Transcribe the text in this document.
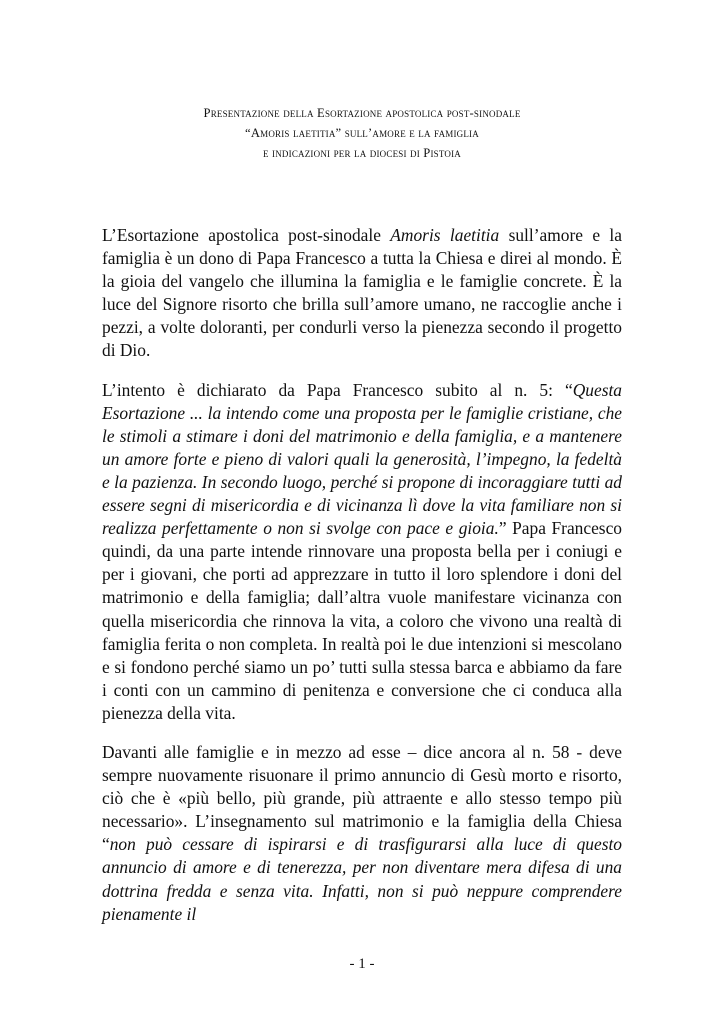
Presentazione della Esortazione apostolica post-sinodale
“Amoris laetitia” sull’amore e la famiglia
e indicazioni per la diocesi di Pistoia

L’Esortazione apostolica post-sinodale Amoris laetitia sull’amore e la famiglia è un dono di Papa Francesco a tutta la Chiesa e direi al mondo. È la gioia del vangelo che illumina la famiglia e le famiglie concrete. È la luce del Signore risorto che brilla sull’amore umano, ne raccoglie anche i pezzi, a volte doloranti, per condurli verso la pienezza secondo il progetto di Dio.

L’intento è dichiarato da Papa Francesco subito al n. 5: “Questa Esortazione ... la intendo come una proposta per le famiglie cristiane, che le stimoli a stimare i doni del matrimonio e della famiglia, e a mantenere un amore forte e pieno di valori quali la generosità, l’impegno, la fedeltà e la pazienza. In secondo luogo, perché si propone di incoraggiare tutti ad essere segni di misericordia e di vicinanza lì dove la vita familiare non si realizza perfettamente o non si svolge con pace e gioia.” Papa Francesco quindi, da una parte intende rinnovare una proposta bella per i coniugi e per i giovani, che porti ad apprezzare in tutto il loro splendore i doni del matrimonio e della famiglia; dall’altra vuole manifestare vicinanza con quella misericordia che rinnova la vita, a coloro che vivono una realtà di famiglia ferita o non completa. In realtà poi le due intenzioni si mescolano e si fondono perché siamo un po’ tutti sulla stessa barca e abbiamo da fare i conti con un cammino di penitenza e conversione che ci conduca alla pienezza della vita.

Davanti alle famiglie e in mezzo ad esse – dice ancora al n. 58 - deve sempre nuovamente risuonare il primo annuncio di Gesù morto e risorto, ciò che è «più bello, più grande, più attraente e allo stesso tempo più necessario». L’insegnamento sul matrimonio e la famiglia della Chiesa “non può cessare di ispirarsi e di trasfigurarsi alla luce di questo annuncio di amore e di tenerezza, per non diventare mera difesa di una dottrina fredda e senza vita. Infatti, non si può neppure comprendere pienamente il

- 1 -
